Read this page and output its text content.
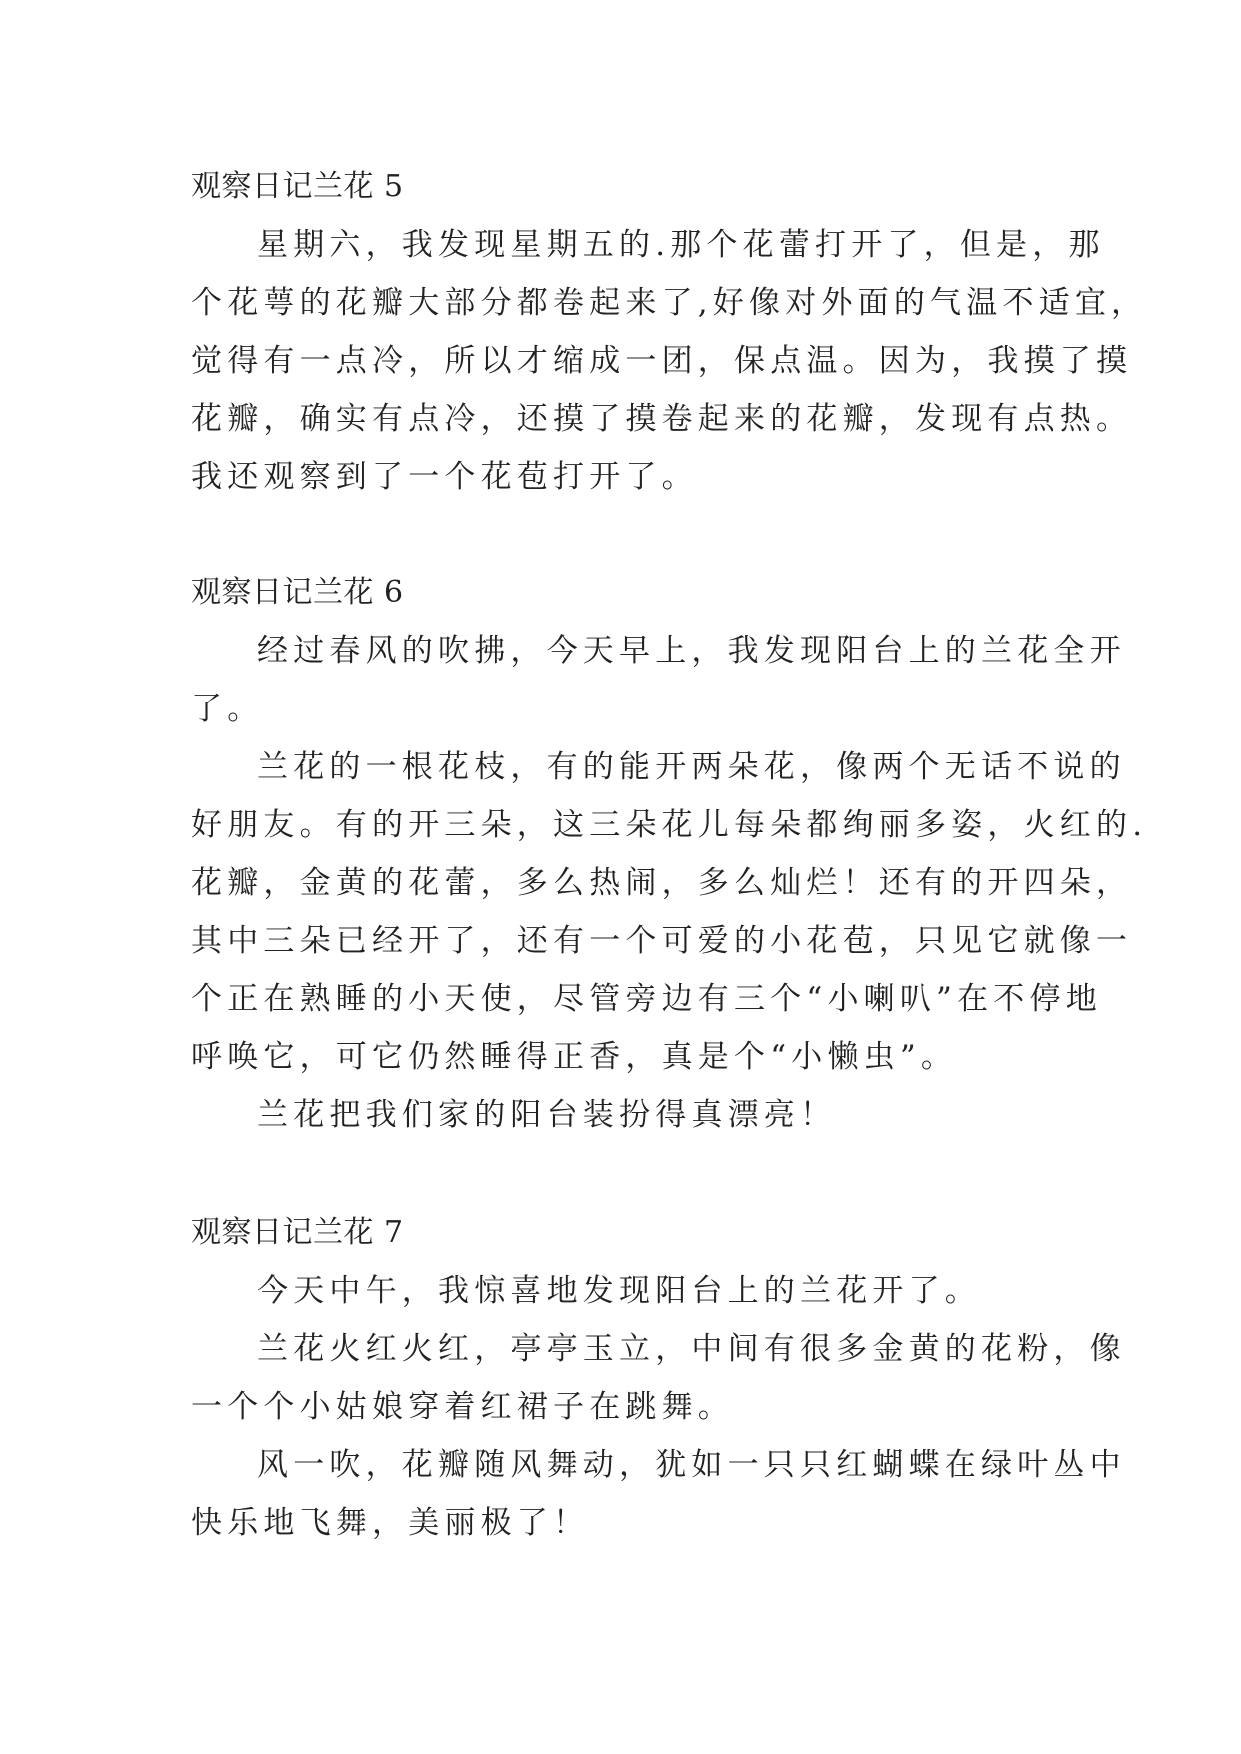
观察日记兰花 5
星期六，我发现星期五的.那个花蕾打开了，但是，那
个花萼的花瓣大部分都卷起来了,好像对外面的气温不适宜，
觉得有一点冷，所以才缩成一团，保点温。因为，我摸了摸
花瓣，确实有点冷，还摸了摸卷起来的花瓣，发现有点热。
我还观察到了一个花苞打开了。
观察日记兰花 6
经过春风的吹拂，今天早上，我发现阳台上的兰花全开
了。
兰花的一根花枝，有的能开两朵花，像两个无话不说的
好朋友。有的开三朵，这三朵花儿每朵都绚丽多姿，火红的.
花瓣，金黄的花蕾，多么热闹，多么灿烂！还有的开四朵，
其中三朵已经开了，还有一个可爱的小花苞，只见它就像一
个正在熟睡的小天使，尽管旁边有三个“小喇叭”在不停地
呼唤它，可它仍然睡得正香，真是个“小懒虫”。
兰花把我们家的阳台装扮得真漂亮！
观察日记兰花 7
今天中午，我惊喜地发现阳台上的兰花开了。
兰花火红火红，亭亭玉立，中间有很多金黄的花粉，像
一个个小姑娘穿着红裙子在跳舞。
风一吹，花瓣随风舞动，犹如一只只红蝴蝶在绿叶丛中
快乐地飞舞，美丽极了！
